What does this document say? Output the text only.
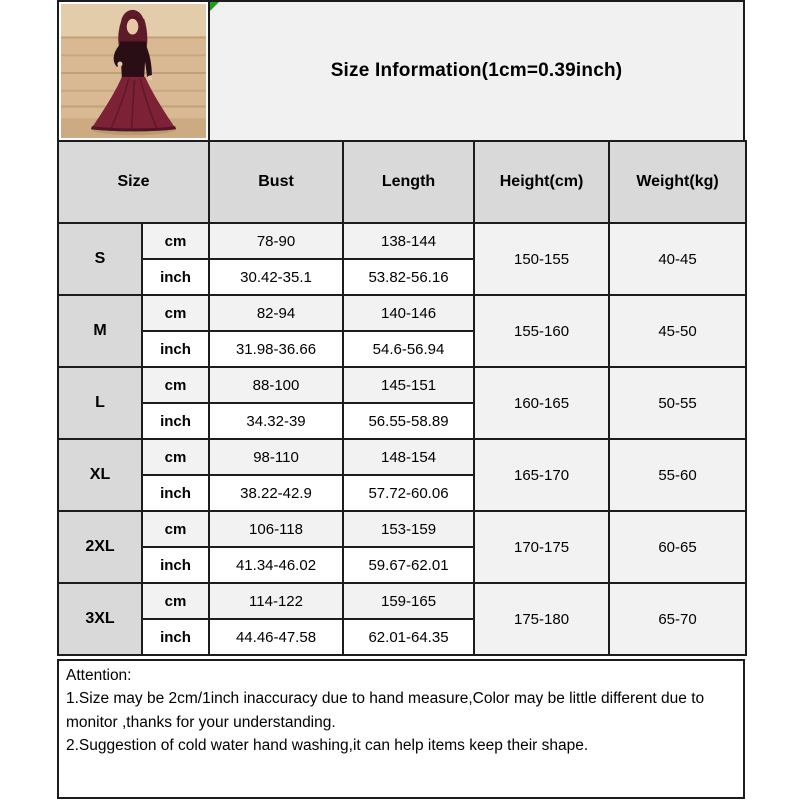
Size Information(1cm=0.39inch)
Size		Bust	Length	Height(cm)	Weight(kg)
S	cm	78-90	138-144	150-155	40-45
	inch	30.42-35.1	53.82-56.16		
M	cm	82-94	140-146	155-160	45-50
	inch	31.98-36.66	54.6-56.94		
L	cm	88-100	145-151	160-165	50-55
	inch	34.32-39	56.55-58.89		
XL	cm	98-110	148-154	165-170	55-60
	inch	38.22-42.9	57.72-60.06		
2XL	cm	106-118	153-159	170-175	60-65
	inch	41.34-46.02	59.67-62.01		
3XL	cm	114-122	159-165	175-180	65-70
	inch	44.46-47.58	62.01-64.35		
Attention:
1.Size may be 2cm/1inch inaccuracy due to hand measure,Color may be little different due to monitor ,thanks for your understanding.
2.Suggestion of cold water hand washing,it can help items keep their shape.
